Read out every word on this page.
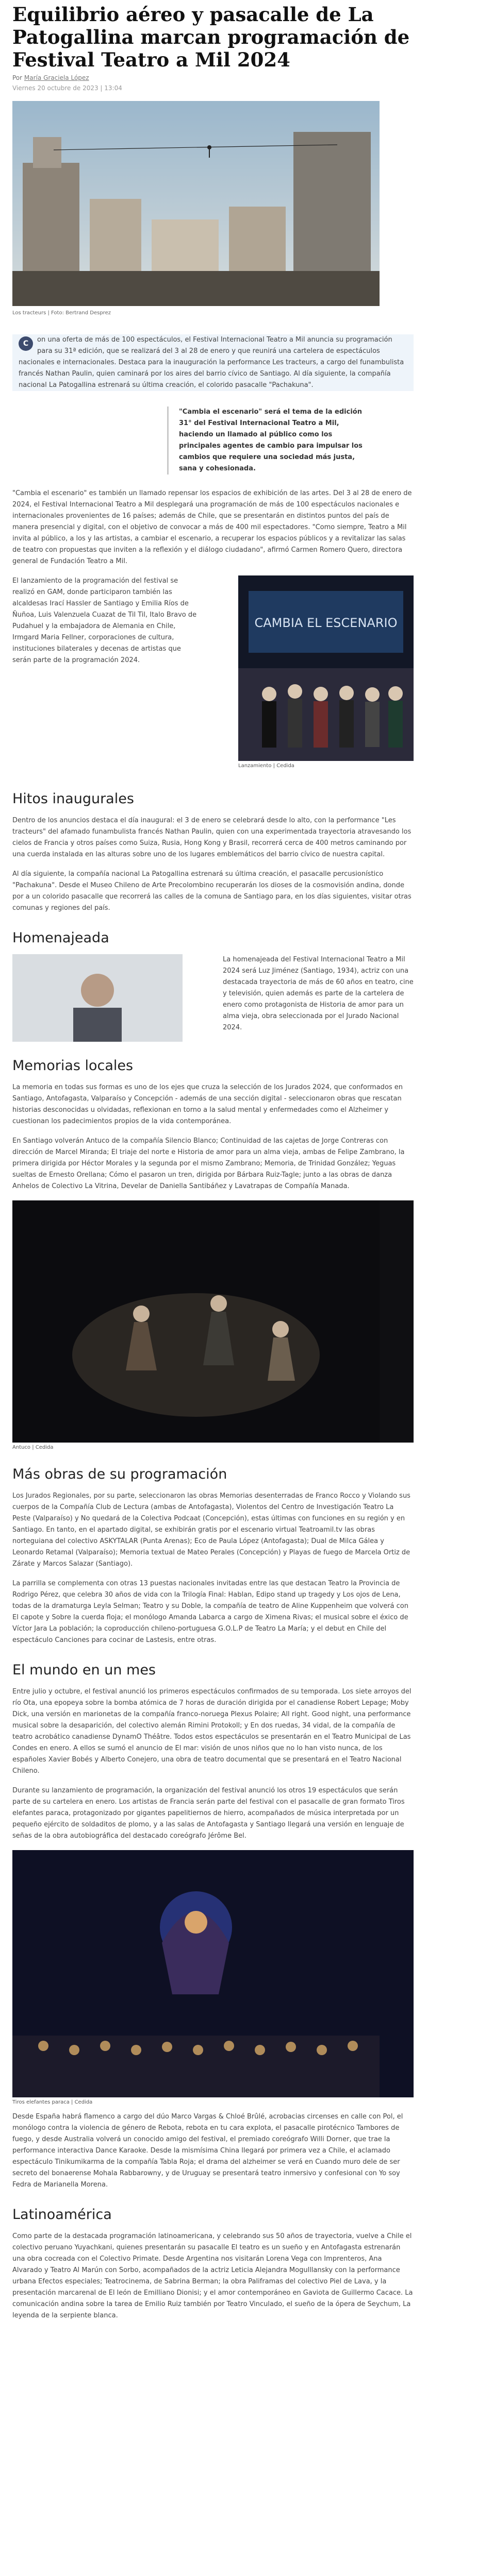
Equilibrio aéreo y pasacalle de La Patogallina marcan programación de Festival Teatro a Mil 2024
Por María Graciela López
Viernes 20 octubre de 2023 | 13:04

Los tracteurs | Foto: Bertrand Desprez

C	on una oferta de más de 100 espectáculos, el Festival Internacional Teatro a Mil anuncia su programación para su 31ª edición, que se realizará del 3 al 28 de enero y que reunirá una cartelera de espectáculos nacionales e internacionales. Destaca para la inauguración la performance Les tracteurs, a cargo del funambulista francés Nathan Paulin, quien caminará por los aires del barrio cívico de Santiago. Al día siguiente, la compañía nacional La Patogallina estrenará su última creación, el colorido pasacalle "Pachakuna".
"Cambia el escenario" será el tema de la edición 31° del Festival Internacional Teatro a Mil, haciendo un llamado al público como los principales agentes de cambio para impulsar los cambios que requiere una sociedad más justa, sana y cohesionada.

"Cambia el escenario" es también un llamado repensar los espacios de exhibición de las artes. Del 3 al 28 de enero de 2024, el Festival Internacional Teatro a Mil desplegará una programación de más de 100 espectáculos nacionales e internacionales provenientes de 16 países; además de Chile, que se presentarán en distintos puntos del país de manera presencial y digital, con el objetivo de convocar a más de 400 mil espectadores. "Como siempre, Teatro a Mil invita al público, a los y las artistas, a cambiar el escenario, a recuperar los espacios públicos y a revitalizar las salas de teatro con propuestas que inviten a la reflexión y el diálogo ciudadano", afirmó Carmen Romero Quero, directora general de Fundación Teatro a Mil.

El lanzamiento de la programación del festival se realizó en GAM, donde participaron también las alcaldesas Irací Hassler de Santiago y Emilia Ríos de Ñuñoa, Luis Valenzuela Cuazat de Til Til, Italo Bravo de Pudahuel y la embajadora de Alemania en Chile, Irmgard Maria Fellner, corporaciones de cultura, instituciones bilaterales y decenas de artistas que serán parte de la programación 2024.

CAMBIA EL ESCENARIO
Lanzamiento | Cedida
Hitos inaugurales

Dentro de los anuncios destaca el día inaugural: el 3 de enero se celebrará desde lo alto, con la performance "Les tracteurs" del afamado funambulista francés Nathan Paulin, quien con una experimentada trayectoria atravesando los cielos de Francia y otros países como Suiza, Rusia, Hong Kong y Brasil, recorrerá cerca de 400 metros caminando por una cuerda instalada en las alturas sobre uno de los lugares emblemáticos del barrio cívico de nuestra capital.

Al día siguiente, la compañía nacional La Patogallina estrenará su última creación, el pasacalle percusionístico "Pachakuna". Desde el Museo Chileno de Arte Precolombino recuperarán los dioses de la cosmovisión andina, donde por a un colorido pasacalle que recorrerá las calles de la comuna de Santiago para, en los días siguientes, visitar otras comunas y regiones del país.

Homenajeada

La homenajeada del Festival Internacional Teatro a Mil 2024 será Luz Jiménez (Santiago, 1934), actriz con una destacada trayectoria de más de 60 años en teatro, cine y televisión, quien además es parte de la cartelera de enero como protagonista de Historia de amor para un alma vieja, obra seleccionada por el Jurado Nacional 2024.

Memorias locales

La memoria en todas sus formas es uno de los ejes que cruza la selección de los Jurados 2024, que conformados en Santiago, Antofagasta, Valparaíso y Concepción - además de una sección digital - seleccionaron obras que rescatan historias desconocidas u olvidadas, reflexionan en torno a la salud mental y enfermedades como el Alzheimer y cuestionan los padecimientos propios de la vida contemporánea.

En Santiago volverán Antuco de la compañía Silencio Blanco; Continuidad de las cajetas de Jorge Contreras con dirección de Marcel Miranda; El triaje del norte e Historia de amor para un alma vieja, ambas de Felipe Zambrano, la primera dirigida por Héctor Morales y la segunda por el mismo Zambrano; Memoria, de Trinidad González; Yeguas sueltas de Ernesto Orellana; Cómo el pasaron un tren, dirigida por Bárbara Ruiz-Tagle; junto a las obras de danza Anhelos de Colectivo La Vitrina, Develar de Daniella Santibáñez y Lavatrapas de Compañía Manada.

Antuco | Cedida
Más obras de su programación

Los Jurados Regionales, por su parte, seleccionaron las obras Memorias desenterradas de Franco Rocco y Violando sus cuerpos de la Compañía Club de Lectura (ambas de Antofagasta), Violentos del Centro de Investigación Teatro La Peste (Valparaíso) y No quedará de la Colectiva Podcaat (Concepción), estas últimas con funciones en su región y en Santiago. En tanto, en el apartado digital, se exhibirán gratis por el escenario virtual Teatroamil.tv las obras norteguiana del colectivo ASKYTALAR (Punta Arenas); Eco de Paula López (Antofagasta); Dual de Milca Gálea y Leonardo Retamal (Valparaíso); Memoria textual de Mateo Perales (Concepción) y Playas de fuego de Marcela Ortiz de Zárate y Marcos Salazar (Santiago).

La parrilla se complementa con otras 13 puestas nacionales invitadas entre las que destacan Teatro la Provincia de Rodrigo Pérez, que celebra 30 años de vida con la Trilogía Final: Hablan, Edipo stand up tragedy y Los ojos de Lena, todas de la dramaturga Leyla Selman; Teatro y su Doble, la compañía de teatro de Aline Kuppenheim que volverá con El capote y Sobre la cuerda floja; el monólogo Amanda Labarca a cargo de Ximena Rivas; el musical sobre el éxico de Víctor Jara La población; la coproducción chileno-portuguesa G.O.L.P de Teatro La María; y el debut en Chile del espectáculo Canciones para cocinar de Lastesis, entre otras.

El mundo en un mes

Entre julio y octubre, el festival anunció los primeros espectáculos confirmados de su temporada. Los siete arroyos del río Ota, una epopeya sobre la bomba atómica de 7 horas de duración dirigida por el canadiense Robert Lepage; Moby Dick, una versión en marionetas de la compañía franco-noruega Plexus Polaire; All right. Good night, una performance musical sobre la desaparición, del colectivo alemán Rimini Protokoll; y En dos ruedas, 34 vidal, de la compañía de teatro acrobático canadiense DynamO Théâtre. Todos estos espectáculos se presentarán en el Teatro Municipal de Las Condes en enero. A ellos se sumó el anuncio de El mar: visión de unos niños que no lo han visto nunca, de los españoles Xavier Bobés y Alberto Conejero, una obra de teatro documental que se presentará en el Teatro Nacional Chileno.

Durante su lanzamiento de programación, la organización del festival anunció los otros 19 espectáculos que serán parte de su cartelera en enero. Los artistas de Francia serán parte del festival con el pasacalle de gran formato Tiros elefantes paraca, protagonizado por gigantes papelitiernos de hierro, acompañados de música interpretada por un pequeño ejército de soldaditos de plomo, y a las salas de Antofagasta y Santiago llegará una versión en lenguaje de señas de la obra autobiográfica del destacado coreógrafo Jérôme Bel.

Tiros elefantes paraca | Cedida

Desde España habrá flamenco a cargo del dúo Marco Vargas & Chloé Brûlé, acrobacias circenses en calle con Pol, el monólogo contra la violencia de género de Rebota, rebota en tu cara explota, el pasacalle pirotécnico Tambores de fuego, y desde Australia volverá un conocido amigo del festival, el premiado coreógrafo Willi Dorner, que trae la performance interactiva Dance Karaoke. Desde la mismísima China llegará por primera vez a Chile, el aclamado espectáculo Tinikumikarma de la compañía Tabla Roja; el drama del alzheimer se verá en Cuando muro dele de ser secreto del bonaerense Mohala Rabbarowny, y de Uruguay se presentará teatro inmersivo y confesional con Yo soy Fedra de Marianella Morena.

Latinoamérica

Como parte de la destacada programación latinoamericana, y celebrando sus 50 años de trayectoria, vuelve a Chile el colectivo peruano Yuyachkani, quienes presentarán su pasacalle El teatro es un sueño y en Antofagasta estrenarán una obra cocreada con el Colectivo Primate. Desde Argentina nos visitarán Lorena Vega con Imprenteros, Ana Alvarado y Teatro Al Marún con Sorbo, acompañados de la actriz Leticia Alejandra Mogulllansky con la performance urbana Efectos especiales; Teatrocinema, de Sabrina Berman; la obra Paliframas del colectivo Piel de Lava, y la presentación marcarenal de El león de Emilliano Dionisi; y el amor contemporáneo en Gaviota de Guillermo Cacace. La comunicación andina sobre la tarea de Emilio Ruiz también por Teatro Vinculado, el sueño de la ópera de Seychum, La leyenda de la serpiente blanca.
